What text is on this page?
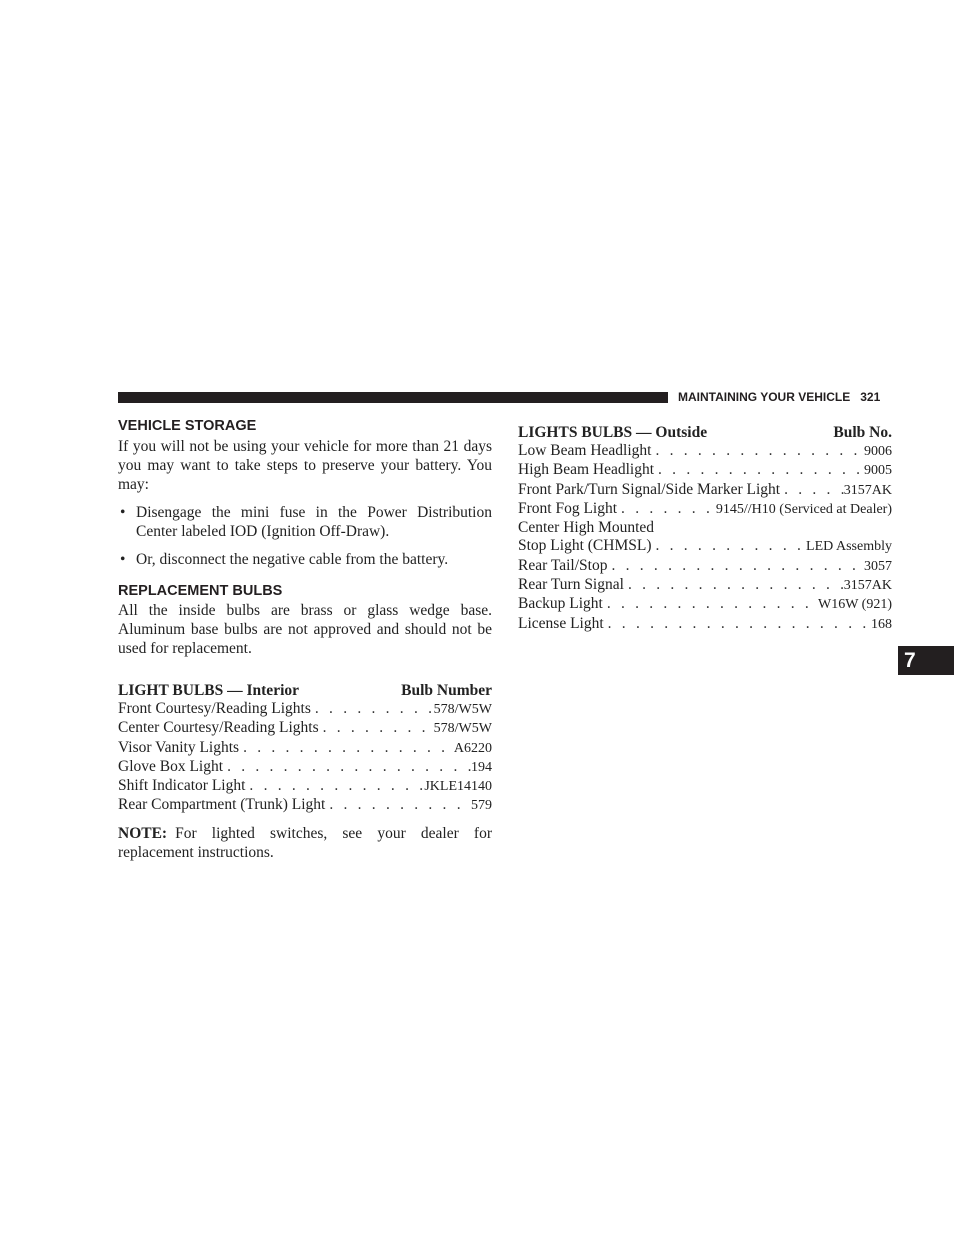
MAINTAINING YOUR VEHICLE 321
VEHICLE STORAGE

If you will not be using your vehicle for more than 21 days you may want to take steps to preserve your battery. You may:

• Disengage the mini fuse in the Power Distribution Center labeled IOD (Ignition Off-Draw).
• Or, disconnect the negative cable from the battery.
REPLACEMENT BULBS

All the inside bulbs are brass or glass wedge base. Aluminum base bulbs are not approved and should not be used for replacement.

LIGHT BULBS — Interior	Bulb Number
Front Courtesy/Reading Lights . . .	578/W5W
Center Courtesy/Reading Lights . . .	578/W5W
Visor Vanity Lights . . .	A6220
Glove Box Light . . .	194
Shift Indicator Light . . .	JKLE14140
Rear Compartment (Trunk) Light . . .	579
NOTE: For lighted switches, see your dealer for replacement instructions.
LIGHTS BULBS — Outside	Bulb No.
Low Beam Headlight . . .	9006
High Beam Headlight . . .	9005
Front Park/Turn Signal/Side Marker Light . . .	3157AK
Front Fog Light . . .	9145//H10 (Serviced at Dealer)
Center High Mounted
Stop Light (CHMSL) . . .	LED Assembly
Rear Tail/Stop . . .	3057
Rear Turn Signal . . .	3157AK
Backup Light . . .	W16W (921)
License Light . . .	168
7
